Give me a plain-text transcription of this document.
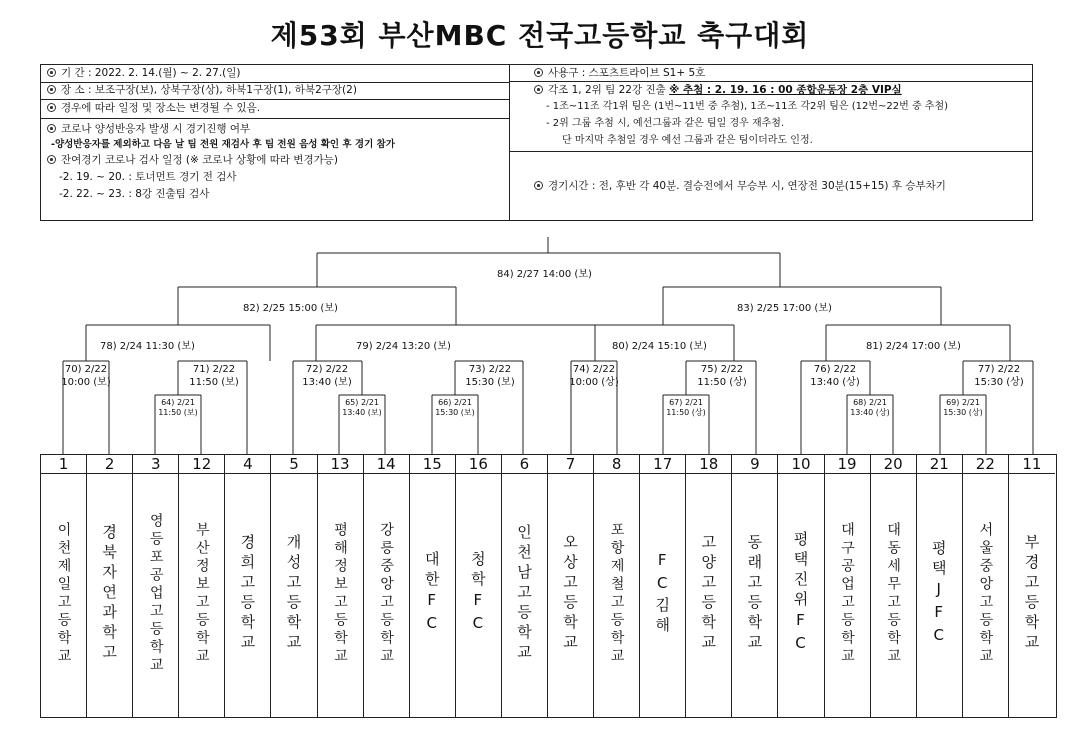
제53회 부산MBC 전국고등학교 축구대회
기 간 : 2022. 2. 14.(월) ~ 2. 27.(일)
장 소 : 보조구장(보), 상북구장(상), 하북1구장(1), 하북2구장(2)
경우에 따라 일정 및 장소는 변경될 수 있음.
코로나 양성반응자 발생 시 경기진행 여부
-양성반응자를 제외하고 다음 날 팀 전원 재검사 후 팀 전원 음성 확인 후 경기 참가
잔여경기 코로나 검사 일정 (※ 코로나 상황에 따라 변경가능)
-2. 19. ~ 20. : 토너먼트 경기 전 검사
-2. 22. ~ 23. : 8강 진출팀 검사
사용구 : 스포츠트라이브 S1+ 5호
각조 1, 2위 팀 22강 진출 ※ 추첨 : 2. 19. 16 : 00 종합운동장 2층 VIP실
- 1조~11조 각1위 팀은 (1번~11번 중 추첨), 1조~11조 각2위 팀은 (12번~22번 중 추첨)
- 2위 그룹 추첨 시, 예선그룹과 같은 팀일 경우 재추첨.
단 마지막 추첨일 경우 예선 그룹과 같은 팀이더라도 인정.
경기시간 : 전, 후반 각 40분. 결승전에서 무승부 시, 연장전 30분(15+15) 후 승부차기
84) 2/27 14:00 (보)
82) 2/25 15:00 (보)	83) 2/25 17:00 (보)
78) 2/24 11:30 (보)	79) 2/24 13:20 (보)	80) 2/24 15:10 (보)	81) 2/24 17:00 (보)
70) 2/22 10:00 (보)
71) 2/22 11:50 (보)
72) 2/22 13:40 (보)
73) 2/22 15:30 (보)
74) 2/22 10:00 (상)
75) 2/22 11:50 (상)
76) 2/22 13:40 (상)
77) 2/22 15:30 (상)
64) 2/21 11:50 (보)
65) 2/21 13:40 (보)
66) 2/21 15:30 (보)
67) 2/21 11:50 (상)
68) 2/21 13:40 (상)
69) 2/21 15:30 (상)
1
이천제일고등학교
2
경북자연과학고
3
영등포공업고등학교
12
부산정보고등학교
4
경희고등학교
5
개성고등학교
13
평해정보고등학교
14
강릉중앙고등학교
15
대한FC
16
청학FC
6
인천남고등학교
7
오상고등학교
8
포항제철고등학교
17
FC김해
18
고양고등학교
9
동래고등학교
10
평택진위FC
19
대구공업고등학교
20
대동세무고등학교
21
평택JFC
22
서울중앙고등학교
11
부경고등학교
